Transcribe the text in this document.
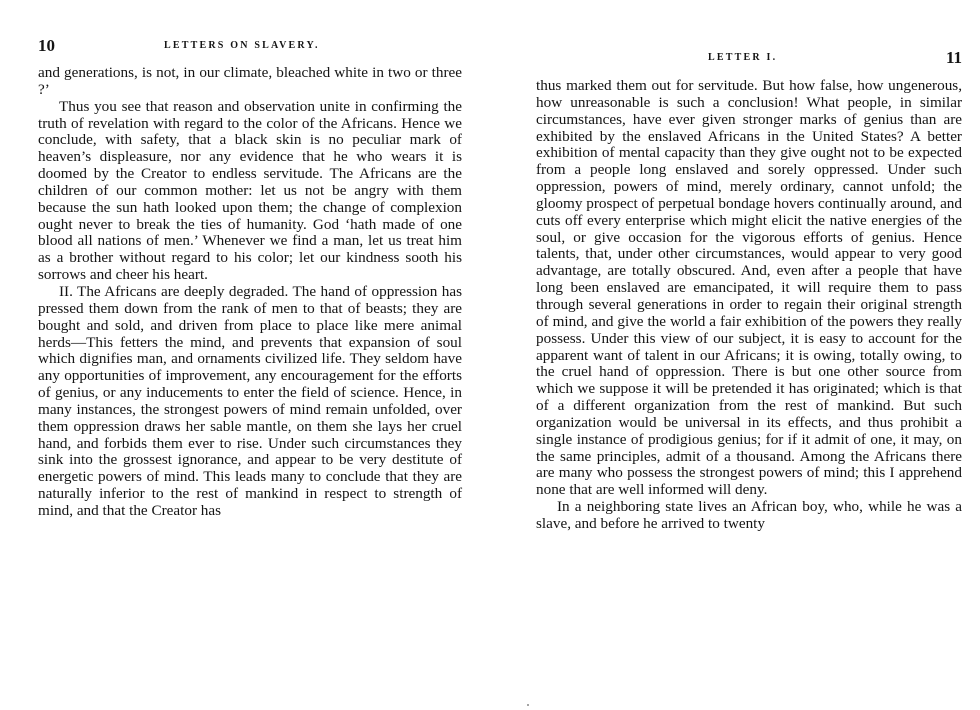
10	LETTERS ON SLAVERY.

and generations, is not, in our climate, bleached white in two or three ?’

Thus you see that reason and observation unite in confirming the truth of revelation with regard to the color of the Africans. Hence we conclude, with safety, that a black skin is no peculiar mark of heaven’s displeasure, nor any evidence that he who wears it is doomed by the Creator to endless servitude. The Africans are the children of our common mother: let us not be angry with them because the sun hath looked upon them; the change of complexion ought never to break the ties of humanity. God ‘hath made of one blood all nations of men.’ Whenever we find a man, let us treat him as a brother without regard to his color; let our kindness sooth his sorrows and cheer his heart.

II. The Africans are deeply degraded. The hand of oppression has pressed them down from the rank of men to that of beasts; they are bought and sold, and driven from place to place like mere animal herds—This fetters the mind, and prevents that expansion of soul which dignifies man, and ornaments civilized life. They seldom have any opportunities of improvement, any encouragement for the efforts of genius, or any inducements to enter the field of science. Hence, in many instances, the strongest powers of mind remain unfolded, over them oppression draws her sable mantle, on them she lays her cruel hand, and forbids them ever to rise. Under such circumstances they sink into the grossest ignorance, and appear to be very destitute of energetic powers of mind. This leads many to conclude that they are naturally inferior to the rest of mankind in respect to strength of mind, and that the Creator has

LETTER I.	11

thus marked them out for servitude. But how false, how ungenerous, how unreasonable is such a conclusion! What people, in similar circumstances, have ever given stronger marks of genius than are exhibited by the enslaved Africans in the United States? A better exhibition of mental capacity than they give ought not to be expected from a people long enslaved and sorely oppressed. Under such oppression, powers of mind, merely ordinary, cannot unfold; the gloomy prospect of perpetual bondage hovers continually around, and cuts off every enterprise which might elicit the native energies of the soul, or give occasion for the vigorous efforts of genius. Hence talents, that, under other circumstances, would appear to very good advantage, are totally obscured. And, even after a people that have long been enslaved are emancipated, it will require them to pass through several generations in order to regain their original strength of mind, and give the world a fair exhibition of the powers they really possess. Under this view of our subject, it is easy to account for the apparent want of talent in our Africans; it is owing, totally owing, to the cruel hand of oppression. There is but one other source from which we suppose it will be pretended it has originated; which is that of a different organization from the rest of mankind. But such organization would be universal in its effects, and thus prohibit a single instance of prodigious genius; for if it admit of one, it may, on the same principles, admit of a thousand. Among the Africans there are many who possess the strongest powers of mind; this I apprehend none that are well informed will deny.

In a neighboring state lives an African boy, who, while he was a slave, and before he arrived to twenty
